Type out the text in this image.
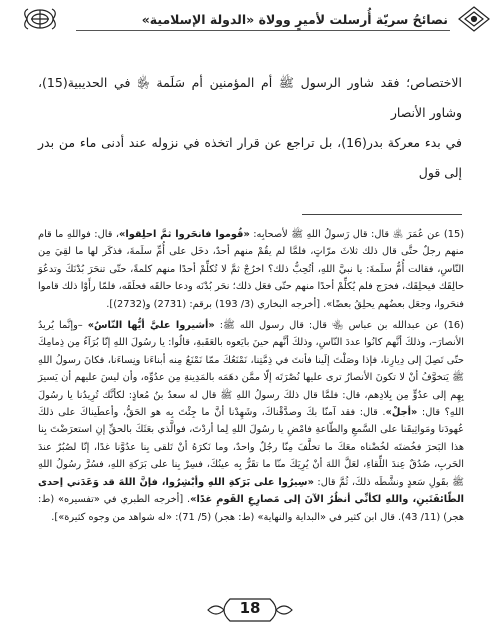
نصائحُ سريّة أُرسلت لأميرٍ وولاة «الدولة الإسلامية»

الاختصاص؛ فقد شاور الرسول ﷺ أم المؤمنين أم سَلَمة ﵂ في الحديبية(15)، وشاور الأنصار

في بدء معركة بدر(16)، بل تراجع عن قرار اتخذه في نزوله عند أدنى ماء من بدر إلى قول

(15) عن عُمَرَ ﵁ قال: قال رَسولُ اللهِ ﷺ لأصحابِه: «قُوموا فانحَروا ثمَّ احلِقوا»، قال: فواللهِ ما قام منهم رجلٌ حتَّى قال ذلك ثلاثَ مرّاتٍ، فلمَّا لم يقُمْ منهم أحدٌ، دخَل على أُمِّ سلَمةَ، فذكَر لها ما لقِيَ مِن النّاسِ، فقالت أُمُّ سلَمةَ: يا نبيَّ اللهِ، أتُحِبُّ ذلك؟ اخرُجْ ثمَّ لا تُكلِّمْ أحدًا منهم كلمةً، حتّى تنحَرَ بُدْنَكَ وتدعُوَ حالِقَك فيحلِقَك، فخرَج فلم يُكلِّمْ أحدًا منهم حتّى فعَل ذلك؛ نحَر بُدْنَه ودعا حالقَه فحلَقَه، فلمّا رأَوْا ذلك قاموا فنحَروا، وجعَل بعضُهم يحلِقُ بعضًا». [أخرجه البخاري (3/ 193) برقم: (2731) و(2732)].

(16) عن عبدالله بن عباس ﵄ قال: قال رسول الله ﷺ: «أشيروا عليَّ أيُّها النّاسُ» –وإنَّما يُريدُ الأنصارَ–، وذلكَ أنَّهم كانُوا عددَ النّاسِ، وذلكَ أنَّهم حينَ بايَعوه بالعَقَبةِ، قالُوا: يا رسُولَ اللهِ إنّا بُرَآءُ مِن ذِمامِكَ حتّى تَصِلَ إلى دِيارِنا، فإذا وصَلْتَ إلَينا فأنتَ في ذِمَّتِنا، نَمْنَعُكَ ممّا نَمْنَعُ مِنه أبناءَنا ونِساءَنا، فكانَ رسولُ اللهِ ﷺ يَتخوَّفُ أنْ لا تكونَ الأنصارُ ترى عليها نُصْرَتَه إلّا ممَّن دهَمَه بالمَدِينةِ مِن عدُوِّه، وأن ليسَ عليهم أن يَسيرَ بِهِم إلى عدُوٍّ مِن بِلادِهم، قال: فلمَّا قال ذلكَ رسولُ اللهِ ﷺ قال له سعدُ بنُ مُعاذٍ: لكأنَّك تُرِيدُنا يا رسُولَ اللهِ؟ قال: «أجلْ». قال: فقد آمنّا بكَ وصدَّقْناكَ، وشَهِدْنا أنَّ ما جِئْتَ بِه هو الحَقُّ، وأعطَيناكَ على ذلكَ عُهودَنا ومَواثِيقَنا على السَّمعِ والطّاعةِ فامْضِ يا رسُولَ اللهِ لِما أردْتَ، فوالَّذي بعَثَكَ بالحقِّ إنِ استعرَضْتَ بِنا هذا البَحرَ فخُضتَه لخُضْناه معَكَ ما تخلَّفَ مِنّا رجُلٌ واحدٌ، وما نَكرَهُ أنْ تَلقى بِنا عدُوَّنا غدًا، إنّا لصُبُرٌ عندَ الحَربِ، صُدُقٌ عِندَ اللِّقاءِ، لعَلَّ اللهَ أنْ يُرِيَكَ منّا ما تقَرُّ بِه عينُكَ، فسِرْ بِنا على بَرَكةِ اللهِ، فسُرَّ رسُولُ اللهِ ﷺ بقَولِ سَعدٍ ونشَّطَه ذلكَ، ثُمَّ قال: «سِيرُوا على بَرَكةِ اللهِ وأبْشِرُوا، فإنَّ اللهَ قد وَعَدَني إحدى الطّائفَتَينِ، واللهِ لكأنِّي أنظُرُ الآنَ إلى مَصارِعِ القَومِ غدًا». [أخرجه الطبري في «تفسيره» (ط: هجر) (11/ 43). قال ابن كثير في «البداية والنهاية» (ط: هجر) (5/ 71): «له شواهد من وجوه كثيرة»].

18
